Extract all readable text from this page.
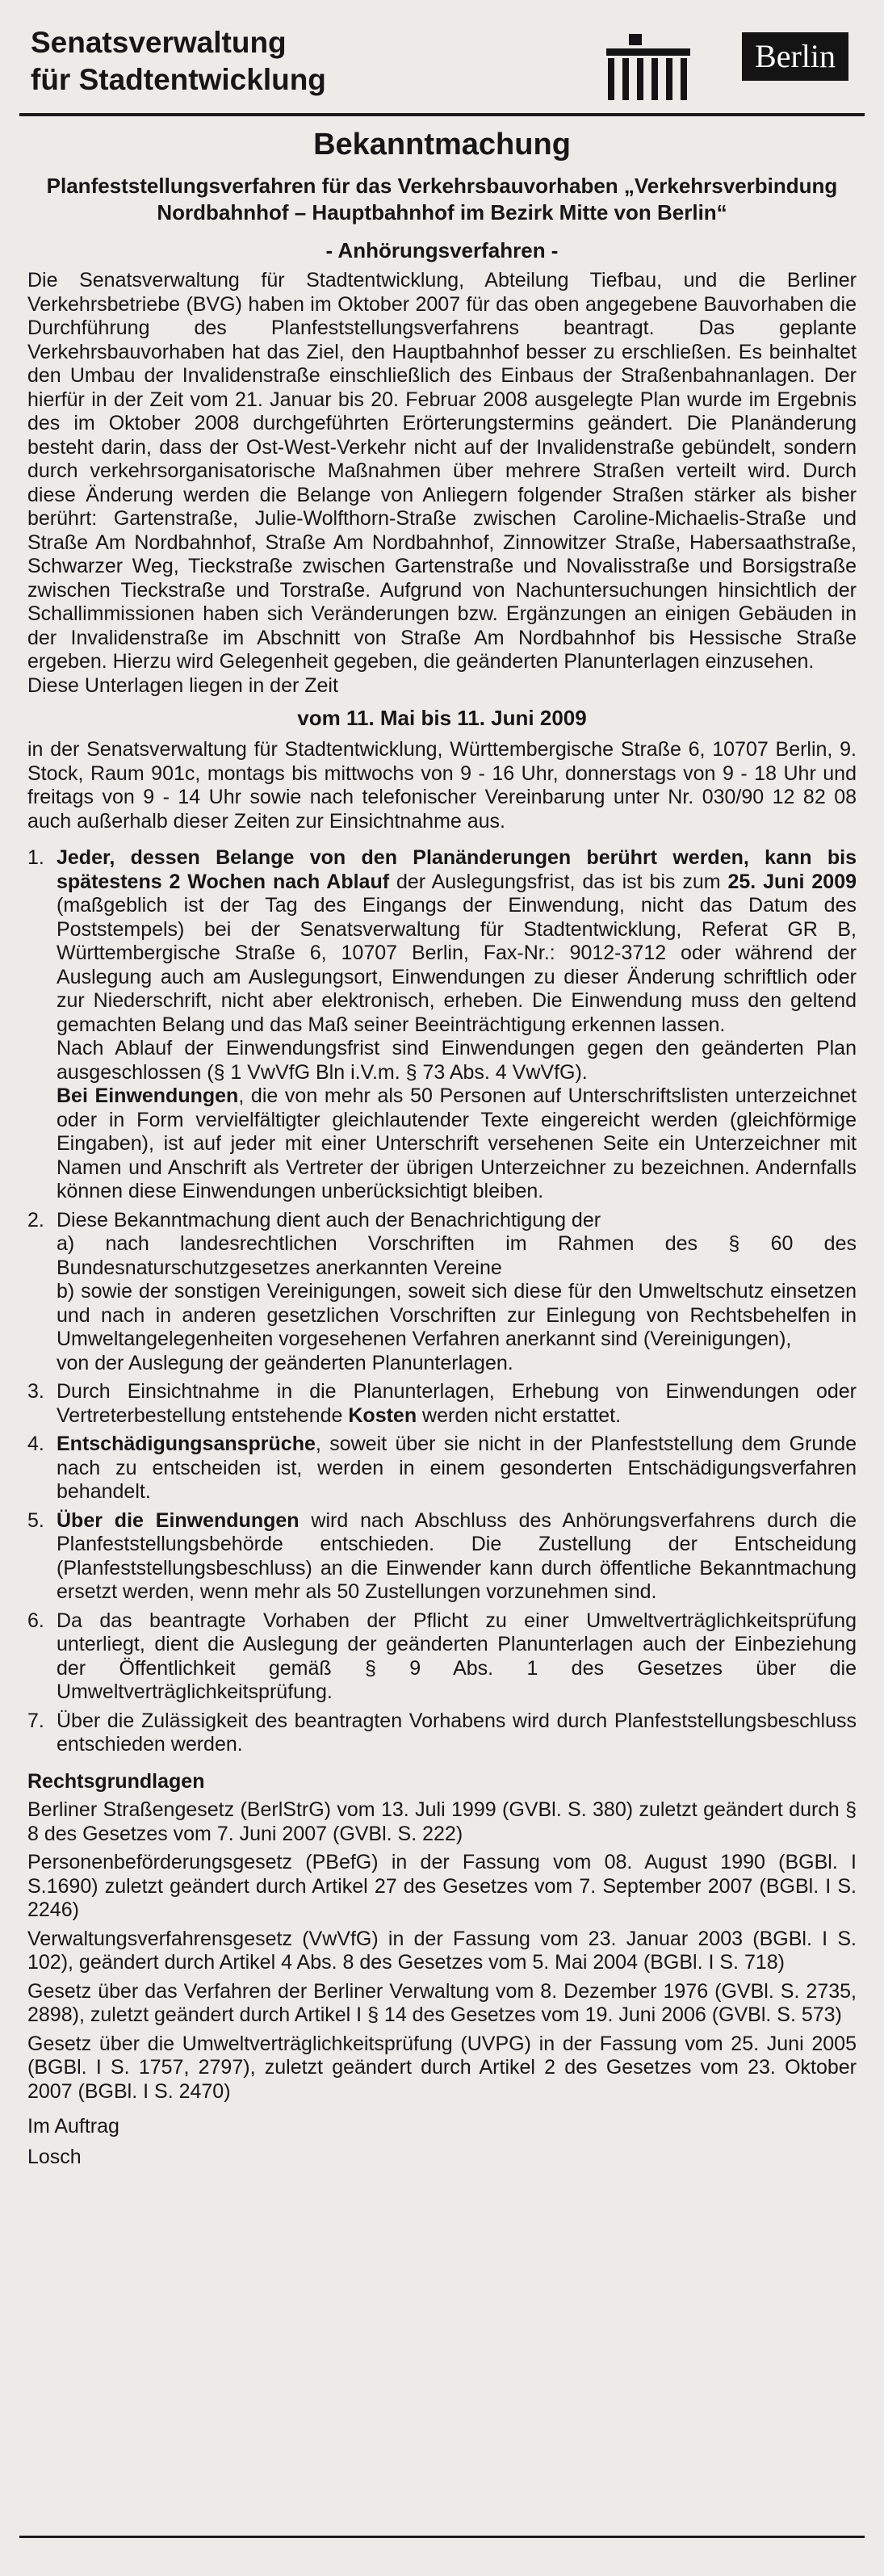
Senatsverwaltung
für Stadtentwicklung
Berlin
Bekanntmachung
Planfeststellungsverfahren für das Verkehrsbauvorhaben „Verkehrsverbindung Nordbahnhof – Hauptbahnhof im Bezirk Mitte von Berlin“
- Anhörungsverfahren -

Die Senatsverwaltung für Stadtentwicklung, Abteilung Tiefbau, und die Berliner Verkehrsbetriebe (BVG) haben im Oktober 2007 für das oben angegebene Bauvorhaben die Durchführung des Planfeststellungsverfahrens beantragt. Das geplante Verkehrsbauvorhaben hat das Ziel, den Hauptbahnhof besser zu erschließen. Es beinhaltet den Umbau der Invalidenstraße einschließlich des Einbaus der Straßenbahnanlagen. Der hierfür in der Zeit vom 21. Januar bis 20. Februar 2008 ausgelegte Plan wurde im Ergebnis des im Oktober 2008 durchgeführten Erörterungstermins geändert. Die Planänderung besteht darin, dass der Ost-West-Verkehr nicht auf der Invalidenstraße gebündelt, sondern durch verkehrsorganisatorische Maßnahmen über mehrere Straßen verteilt wird. Durch diese Änderung werden die Belange von Anliegern folgender Straßen stärker als bisher berührt: Gartenstraße, Julie-Wolfthorn-Straße zwischen Caroline-Michaelis-Straße und Straße Am Nordbahnhof, Straße Am Nordbahnhof, Zinnowitzer Straße, Habersaathstraße, Schwarzer Weg, Tieckstraße zwischen Gartenstraße und Novalisstraße und Borsigstraße zwischen Tieckstraße und Torstraße. Aufgrund von Nachuntersuchungen hinsichtlich der Schallimmissionen haben sich Veränderungen bzw. Ergänzungen an einigen Gebäuden in der Invalidenstraße im Abschnitt von Straße Am Nordbahnhof bis Hessische Straße ergeben. Hierzu wird Gelegenheit gegeben, die geänderten Planunterlagen einzusehen.

Diese Unterlagen liegen in der Zeit

vom 11. Mai bis 11. Juni 2009

in der Senatsverwaltung für Stadtentwicklung, Württembergische Straße 6, 10707 Berlin, 9. Stock, Raum 901c, montags bis mittwochs von 9 - 16 Uhr, donnerstags von 9 - 18 Uhr und freitags von 9 - 14 Uhr sowie nach telefonischer Vereinbarung unter Nr. 030/90 12 82 08 auch außerhalb dieser Zeiten zur Einsichtnahme aus.

1. Jeder, dessen Belange von den Planänderungen berührt werden, kann bis spätestens 2 Wochen nach Ablauf der Auslegungsfrist, das ist bis zum 25. Juni 2009 (maßgeblich ist der Tag des Eingangs der Einwendung, nicht das Datum des Poststempels) bei der Senatsverwaltung für Stadtentwicklung, Referat GR B, Württembergische Straße 6, 10707 Berlin, Fax-Nr.: 9012-3712 oder während der Auslegung auch am Auslegungsort, Einwendungen zu dieser Änderung schriftlich oder zur Niederschrift, nicht aber elektronisch, erheben. Die Einwendung muss den geltend gemachten Belang und das Maß seiner Beeinträchtigung erkennen lassen.

Nach Ablauf der Einwendungsfrist sind Einwendungen gegen den geänderten Plan ausgeschlossen (§ 1 VwVfG Bln i.V.m. § 73 Abs. 4 VwVfG).

Bei Einwendungen, die von mehr als 50 Personen auf Unterschriftslisten unterzeichnet oder in Form vervielfältigter gleichlautender Texte eingereicht werden (gleichförmige Eingaben), ist auf jeder mit einer Unterschrift versehenen Seite ein Unterzeichner mit Namen und Anschrift als Vertreter der übrigen Unterzeichner zu bezeichnen. Andernfalls können diese Einwendungen unberücksichtigt bleiben.

2. Diese Bekanntmachung dient auch der Benachrichtigung der

a) nach landesrechtlichen Vorschriften im Rahmen des § 60 des Bundesnaturschutzgesetzes anerkannten Vereine

b) sowie der sonstigen Vereinigungen, soweit sich diese für den Umweltschutz einsetzen und nach in anderen gesetzlichen Vorschriften zur Einlegung von Rechtsbehelfen in Umweltangelegenheiten vorgesehenen Verfahren anerkannt sind (Vereinigungen),

von der Auslegung der geänderten Planunterlagen.

3. Durch Einsichtnahme in die Planunterlagen, Erhebung von Einwendungen oder Vertreterbestellung entstehende Kosten werden nicht erstattet.

4. Entschädigungsansprüche, soweit über sie nicht in der Planfeststellung dem Grunde nach zu entscheiden ist, werden in einem gesonderten Entschädigungsverfahren behandelt.

5. Über die Einwendungen wird nach Abschluss des Anhörungsverfahrens durch die Planfeststellungsbehörde entschieden. Die Zustellung der Entscheidung (Planfeststellungsbeschluss) an die Einwender kann durch öffentliche Bekanntmachung ersetzt werden, wenn mehr als 50 Zustellungen vorzunehmen sind.

6. Da das beantragte Vorhaben der Pflicht zu einer Umweltverträglichkeitsprüfung unterliegt, dient die Auslegung der geänderten Planunterlagen auch der Einbeziehung der Öffentlichkeit gemäß § 9 Abs. 1 des Gesetzes über die Umweltverträglichkeitsprüfung.

7. Über die Zulässigkeit des beantragten Vorhabens wird durch Planfeststellungsbeschluss entschieden werden.

Rechtsgrundlagen

Berliner Straßengesetz (BerlStrG) vom 13. Juli 1999 (GVBl. S. 380) zuletzt geändert durch § 8 des Gesetzes vom 7. Juni 2007 (GVBl. S. 222)

Personenbeförderungsgesetz (PBefG) in der Fassung vom 08. August 1990 (BGBl. I S.1690) zuletzt geändert durch Artikel 27 des Gesetzes vom 7. September 2007 (BGBl. I S. 2246)

Verwaltungsverfahrensgesetz (VwVfG) in der Fassung vom 23. Januar 2003 (BGBl. I S. 102), geändert durch Artikel 4 Abs. 8 des Gesetzes vom 5. Mai 2004 (BGBl. I S. 718)

Gesetz über das Verfahren der Berliner Verwaltung vom 8. Dezember 1976 (GVBl. S. 2735, 2898), zuletzt geändert durch Artikel I § 14 des Gesetzes vom 19. Juni 2006 (GVBl. S. 573)

Gesetz über die Umweltverträglichkeitsprüfung (UVPG) in der Fassung vom 25. Juni 2005 (BGBl. I S. 1757, 2797), zuletzt geändert durch Artikel 2 des Gesetzes vom 23. Oktober 2007 (BGBl. I S. 2470)

Im Auftrag
Losch
